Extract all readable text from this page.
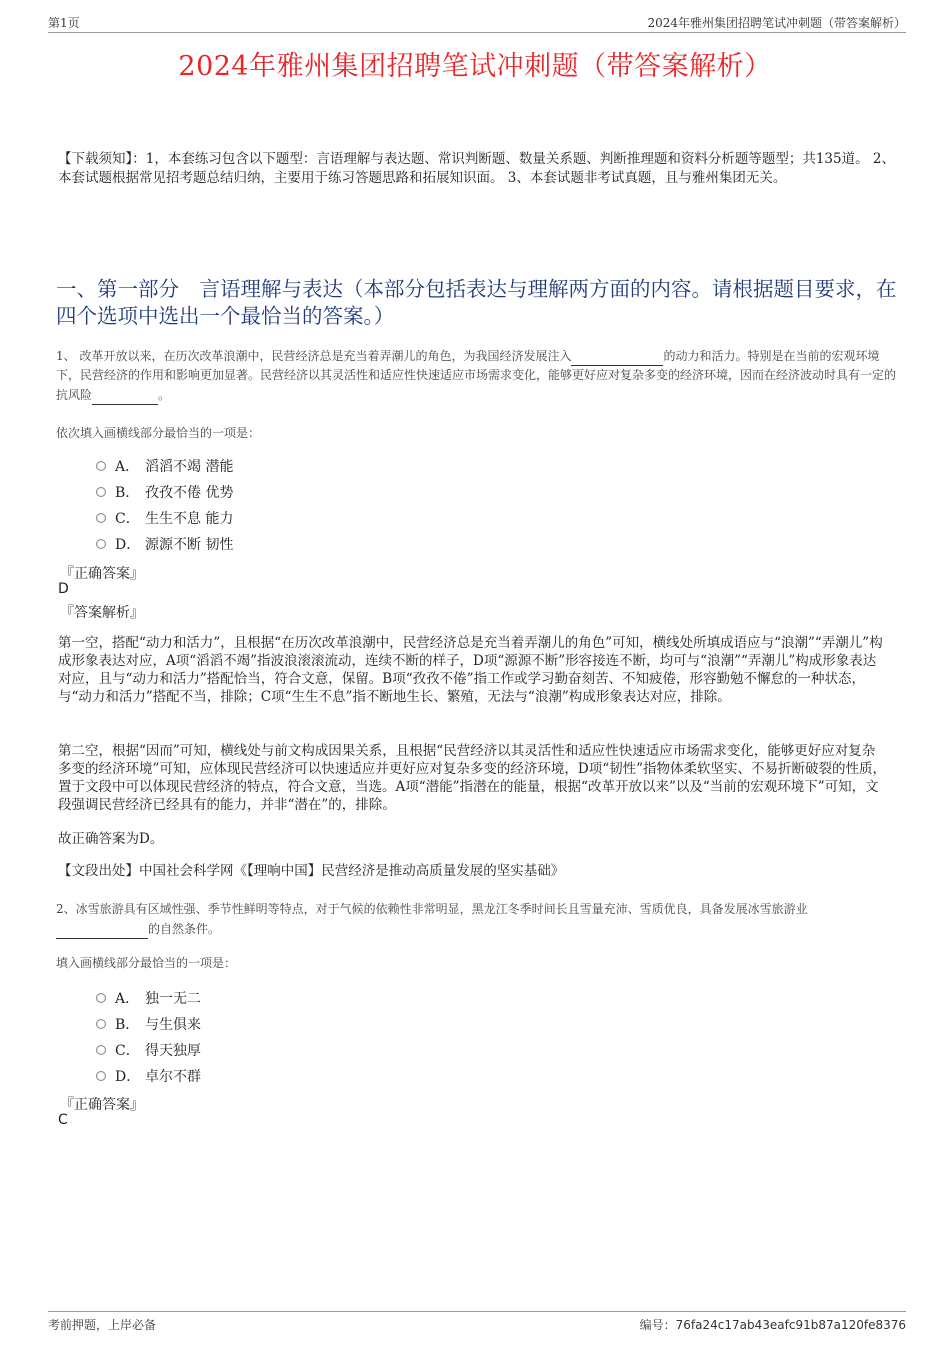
第1页	2024年雅州集团招聘笔试冲刺题（带答案解析）
2024年雅州集团招聘笔试冲刺题（带答案解析）
【下载须知】：1，本套练习包含以下题型：言语理解与表达题、常识判断题、数量关系题、判断推理题和资料分析题等题型；共135道。 2、本套试题根据常见招考题总结归纳，主要用于练习答题思路和拓展知识面。 3、本套试题非考试真题，且与雅州集团无关。
一、第一部分　言语理解与表达（本部分包括表达与理解两方面的内容。请根据题目要求，在四个选项中选出一个最恰当的答案。）
1、 改革开放以来，在历次改革浪潮中，民营经济总是充当着弄潮儿的角色，为我国经济发展注入	的动力和活力。特别是在当前的宏观环境下，民营经济的作用和影响更加显著。民营经济以其灵活性和适应性快速适应市场需求变化，能够更好应对复杂多变的经济环境，因而在经济波动时具有一定的抗风险	。
依次填入画横线部分最恰当的一项是：
A． 滔滔不竭 潜能
B． 孜孜不倦 优势
C． 生生不息 能力
D． 源源不断 韧性
『正确答案』
D
『答案解析』
第一空，搭配“动力和活力”，且根据“在历次改革浪潮中，民营经济总是充当着弄潮儿的角色”可知，横线处所填成语应与“浪潮”“弄潮儿”构成形象表达对应，A项“滔滔不竭”指波浪滚滚流动，连续不断的样子，D项“源源不断”形容接连不断，均可与“浪潮”“弄潮儿”构成形象表达对应，且与“动力和活力”搭配恰当，符合文意，保留。B项“孜孜不倦”指工作或学习勤奋刻苦、不知疲倦，形容勤勉不懈怠的一种状态，与“动力和活力”搭配不当，排除；C项“生生不息”指不断地生长、繁殖，无法与“浪潮”构成形象表达对应，排除。
第二空，根据“因而”可知，横线处与前文构成因果关系，且根据“民营经济以其灵活性和适应性快速适应市场需求变化，能够更好应对复杂多变的经济环境”可知，应体现民营经济可以快速适应并更好应对复杂多变的经济环境，D项“韧性”指物体柔软坚实、不易折断破裂的性质，置于文段中可以体现民营经济的特点，符合文意，当选。A项“潜能”指潜在的能量，根据“改革开放以来”以及“当前的宏观环境下”可知，文段强调民营经济已经具有的能力，并非“潜在”的，排除。
故正确答案为D。
【文段出处】中国社会科学网《【理响中国】民营经济是推动高质量发展的坚实基础》
2、冰雪旅游具有区域性强、季节性鲜明等特点，对于气候的依赖性非常明显，黑龙江冬季时间长且雪量充沛、雪质优良，具备发展冰雪旅游业的自然条件。
填入画横线部分最恰当的一项是：
A． 独一无二
B． 与生俱来
C． 得天独厚
D． 卓尔不群
『正确答案』
C
考前押题，上岸必备	编号：76fa24c17ab43eafc91b87a120fe8376
